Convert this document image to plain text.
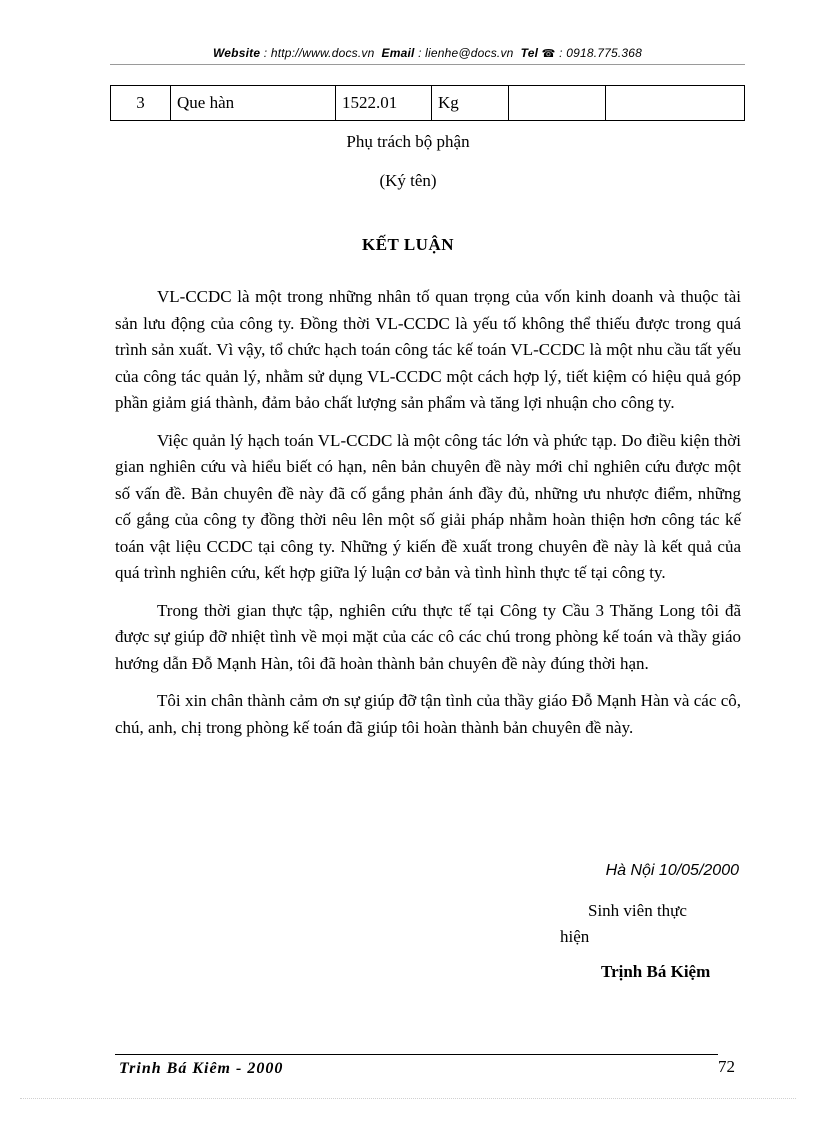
Website : http://www.docs.vn Email : lienhe@docs.vn Tel ☎ : 0918.775.368
3	Que hàn	1522.01	Kg		
Phụ trách bộ phận
(Ký tên)
KẾT LUẬN

VL-CCDC là một trong những nhân tố quan trọng của vốn kinh doanh và thuộc tài sản lưu động của công ty. Đồng thời VL-CCDC là yếu tố không thể thiếu được trong quá trình sản xuất. Vì vậy, tổ chức hạch toán công tác kế toán VL-CCDC là một nhu cầu tất yếu của công tác quản lý, nhằm sử dụng VL-CCDC một cách hợp lý, tiết kiệm có hiệu quả góp phần giảm giá thành, đảm bảo chất lượng sản phẩm và tăng lợi nhuận cho công ty.

Việc quản lý hạch toán VL-CCDC là một công tác lớn và phức tạp. Do điều kiện thời gian nghiên cứu và hiểu biết có hạn, nên bản chuyên đề này mới chỉ nghiên cứu được một số vấn đề. Bản chuyên đề này đã cố gắng phản ánh đầy đủ, những ưu nhược điểm, những cố gắng của công ty đồng thời nêu lên một số giải pháp nhằm hoàn thiện hơn công tác kế toán vật liệu CCDC tại công ty. Những ý kiến đề xuất trong chuyên đề này là kết quả của quá trình nghiên cứu, kết hợp giữa lý luận cơ bản và tình hình thực tế tại công ty.

Trong thời gian thực tập, nghiên cứu thực tế tại Công ty Cầu 3 Thăng Long tôi đã được sự giúp đỡ nhiệt tình về mọi mặt của các cô các chú trong phòng kế toán và thầy giáo hướng dẫn Đỗ Mạnh Hàn, tôi đã hoàn thành bản chuyên đề này đúng thời hạn.

Tôi xin chân thành cảm ơn sự giúp đỡ tận tình của thầy giáo Đỗ Mạnh Hàn và các cô, chú, anh, chị trong phòng kế toán đã giúp tôi hoàn thành bản chuyên đề này.

Hà Nội 10/05/2000
Sinh viên thực hiện
Trịnh Bá Kiệm
Trinh Bá Kiêm - 2000	72
